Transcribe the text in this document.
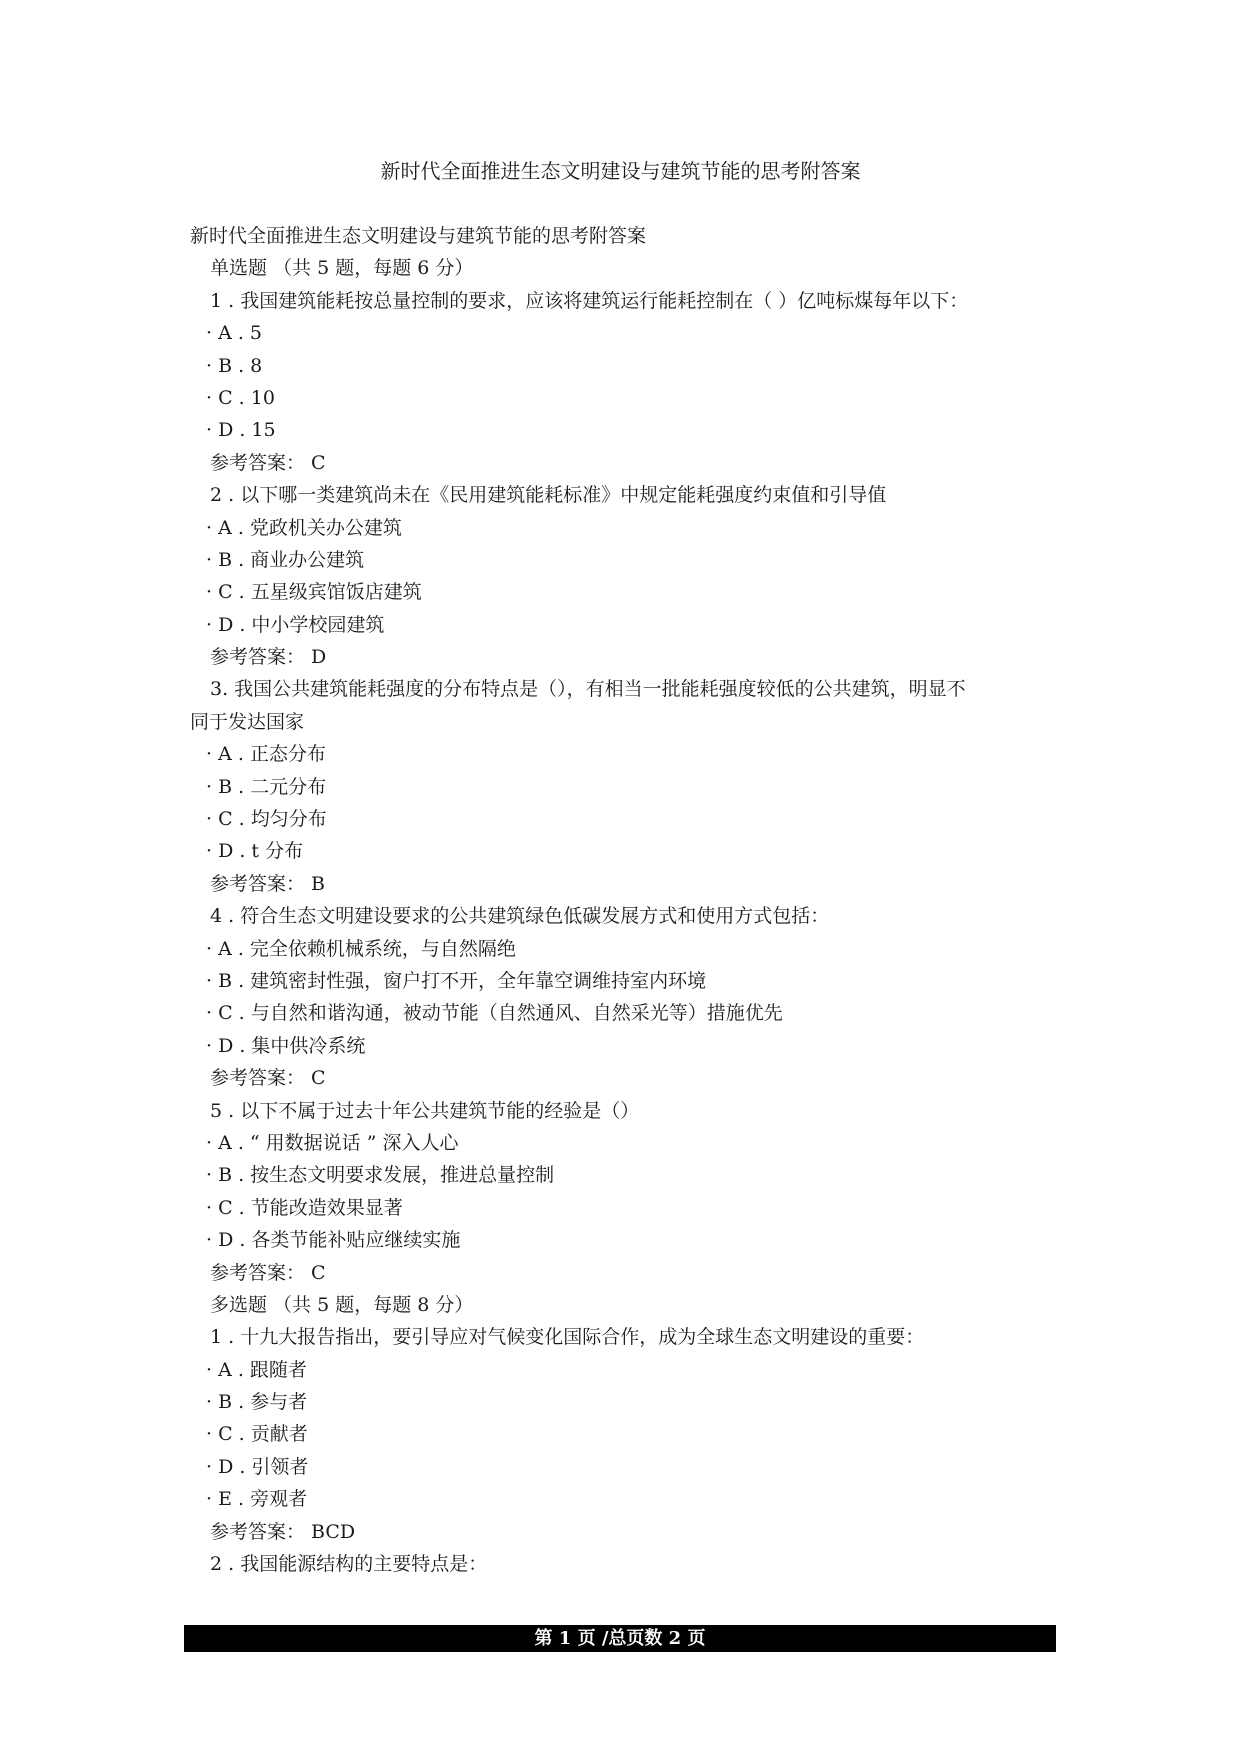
新时代全面推进生态文明建设与建筑节能的思考附答案
新时代全面推进生态文明建设与建筑节能的思考附答案
单选题 （共 5 题，每题 6 分）
1 . 我国建筑能耗按总量控制的要求，应该将建筑运行能耗控制在（ ）亿吨标煤每年以下：
· A . 5
· B . 8
· C . 10
· D . 15
参考答案： C
2 . 以下哪一类建筑尚未在《民用建筑能耗标准》中规定能耗强度约束值和引导值
· A . 党政机关办公建筑
· B . 商业办公建筑
· C . 五星级宾馆饭店建筑
· D . 中小学校园建筑
参考答案： D
3. 我国公共建筑能耗强度的分布特点是（），有相当一批能耗强度较低的公共建筑，明显不
同于发达国家
· A . 正态分布
· B . 二元分布
· C . 均匀分布
· D . t 分布
参考答案： B
4 . 符合生态文明建设要求的公共建筑绿色低碳发展方式和使用方式包括：
· A . 完全依赖机械系统，与自然隔绝
· B . 建筑密封性强，窗户打不开，全年靠空调维持室内环境
· C . 与自然和谐沟通，被动节能（自然通风、自然采光等）措施优先
· D . 集中供冷系统
参考答案： C
5 . 以下不属于过去十年公共建筑节能的经验是（）
· A . “ 用数据说话 ” 深入人心
· B . 按生态文明要求发展，推进总量控制
· C . 节能改造效果显著
· D . 各类节能补贴应继续实施
参考答案： C
多选题 （共 5 题，每题 8 分）
1 . 十九大报告指出，要引导应对气候变化国际合作，成为全球生态文明建设的重要：
· A . 跟随者
· B . 参与者
· C . 贡献者
· D . 引领者
· E . 旁观者
参考答案： BCD
2 . 我国能源结构的主要特点是：
第 1 页 /总页数 2 页
